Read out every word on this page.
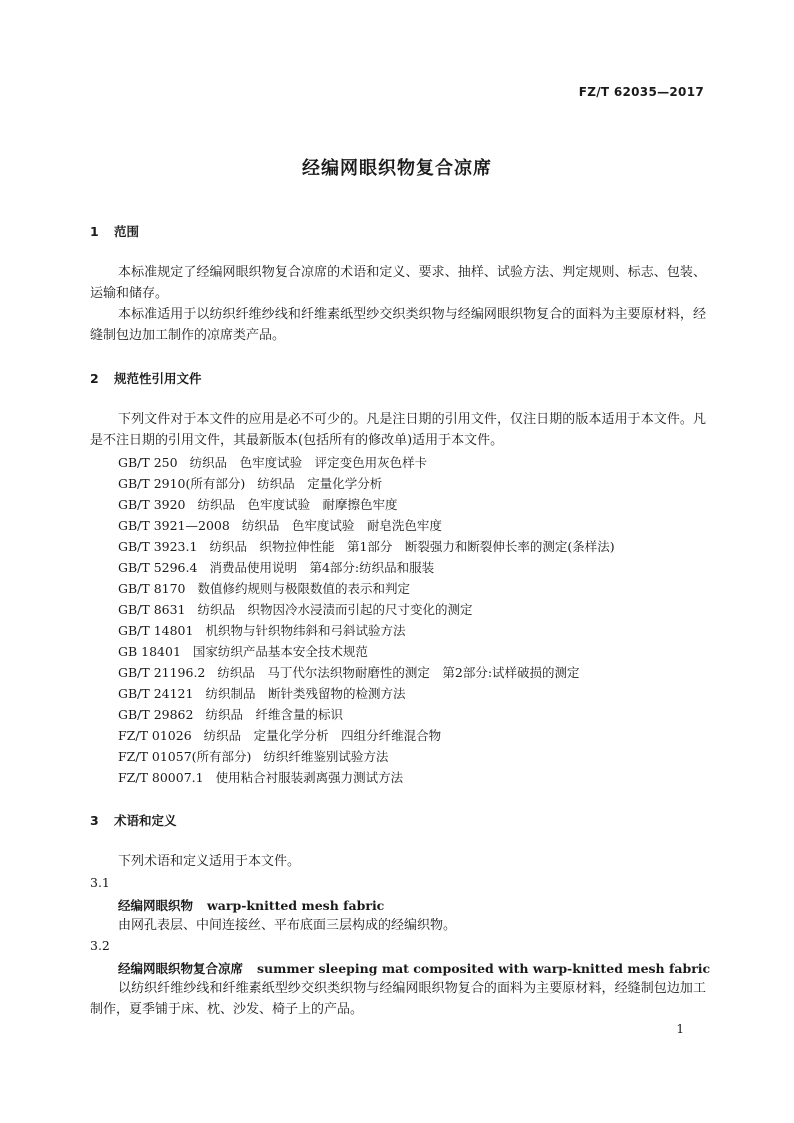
FZ/T 62035—2017
经编网眼织物复合凉席
1 范围
本标准规定了经编网眼织物复合凉席的术语和定义、要求、抽样、试验方法、判定规则、标志、包装、运输和储存。
本标准适用于以纺织纤维纱线和纤维素纸型纱交织类织物与经编网眼织物复合的面料为主要原材料，经缝制包边加工制作的凉席类产品。
2 规范性引用文件
下列文件对于本文件的应用是必不可少的。凡是注日期的引用文件，仅注日期的版本适用于本文件。凡是不注日期的引用文件，其最新版本(包括所有的修改单)适用于本文件。
GB/T 250 纺织品　色牢度试验　评定变色用灰色样卡
GB/T 2910(所有部分) 纺织品　定量化学分析
GB/T 3920 纺织品　色牢度试验　耐摩擦色牢度
GB/T 3921—2008 纺织品　色牢度试验　耐皂洗色牢度
GB/T 3923.1 纺织品　织物拉伸性能　第1部分　断裂强力和断裂伸长率的测定(条样法)
GB/T 5296.4 消费品使用说明　第4部分:纺织品和服装
GB/T 8170 数值修约规则与极限数值的表示和判定
GB/T 8631 纺织品　织物因冷水浸渍而引起的尺寸变化的测定
GB/T 14801 机织物与针织物纬斜和弓斜试验方法
GB 18401 国家纺织产品基本安全技术规范
GB/T 21196.2 纺织品　马丁代尔法织物耐磨性的测定　第2部分:试样破损的测定
GB/T 24121 纺织制品　断针类残留物的检测方法
GB/T 29862 纺织品　纤维含量的标识
FZ/T 01026 纺织品　定量化学分析　四组分纤维混合物
FZ/T 01057(所有部分) 纺织纤维鉴别试验方法
FZ/T 80007.1 使用粘合衬服装剥离强力测试方法
3 术语和定义
下列术语和定义适用于本文件。
3.1
经编网眼织物 warp-knitted mesh fabric
由网孔表层、中间连接丝、平布底面三层构成的经编织物。
3.2
经编网眼织物复合凉席 summer sleeping mat composited with warp-knitted mesh fabric
以纺织纤维纱线和纤维素纸型纱交织类织物与经编网眼织物复合的面料为主要原材料，经缝制包边加工制作，夏季铺于床、枕、沙发、椅子上的产品。
1
